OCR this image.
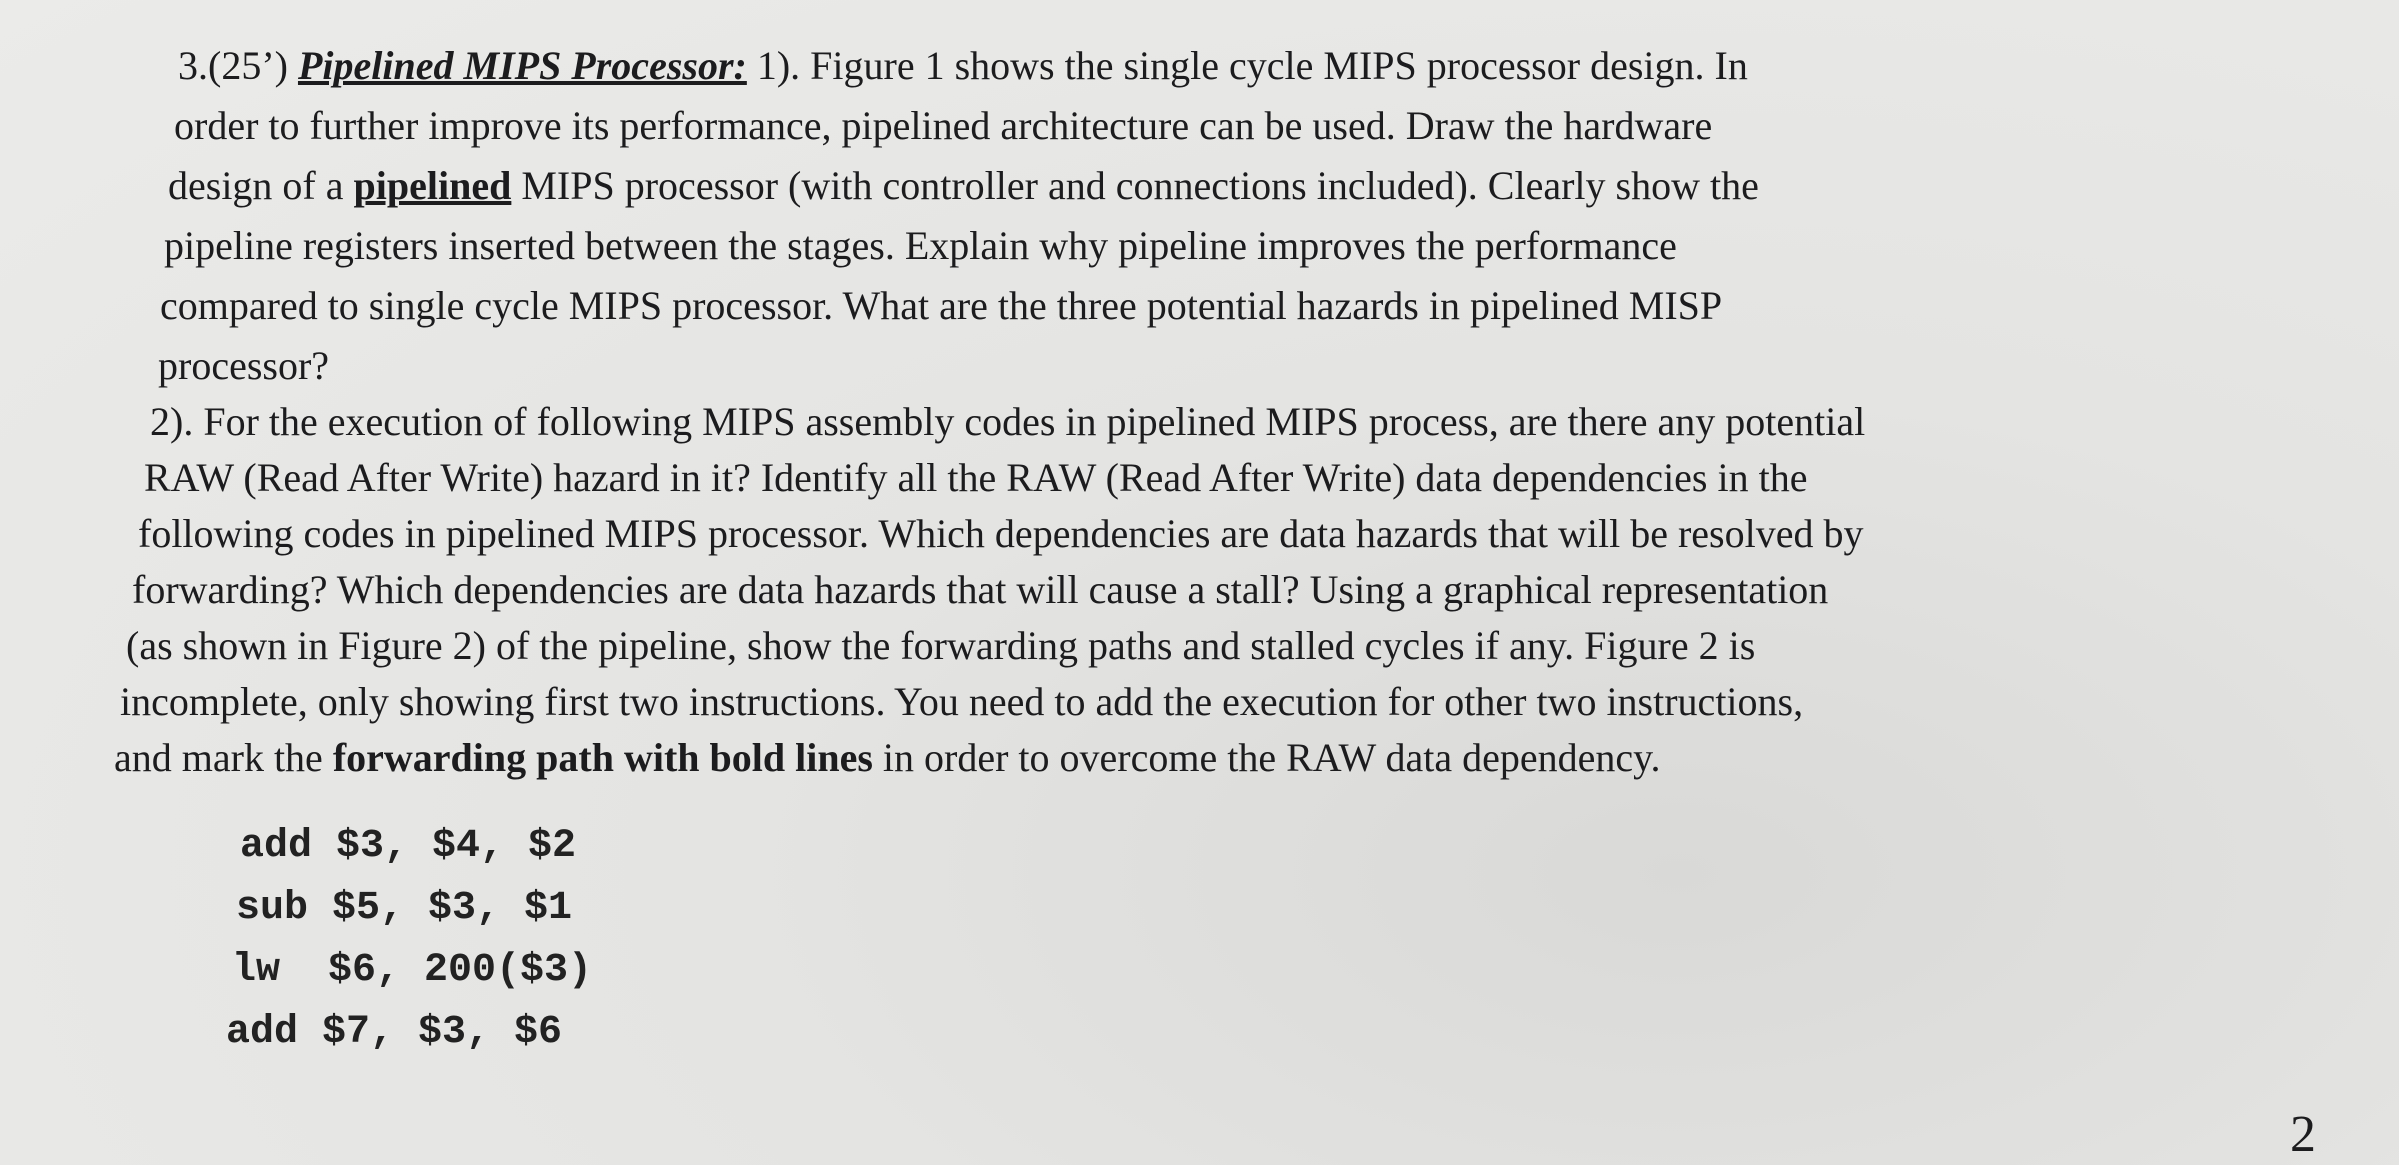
3.(25’) Pipelined MIPS Processor: 1). Figure 1 shows the single cycle MIPS processor design. In
order to further improve its performance, pipelined architecture can be used. Draw the hardware
design of a pipelined MIPS processor (with controller and connections included). Clearly show the
pipeline registers inserted between the stages. Explain why pipeline improves the performance
compared to single cycle MIPS processor. What are the three potential hazards in pipelined MISP
processor?
2). For the execution of following MIPS assembly codes in pipelined MIPS process, are there any potential
RAW (Read After Write) hazard in it? Identify all the RAW (Read After Write) data dependencies in the
following codes in pipelined MIPS processor. Which dependencies are data hazards that will be resolved by
forwarding? Which dependencies are data hazards that will cause a stall? Using a graphical representation
(as shown in Figure 2) of the pipeline, show the forwarding paths and stalled cycles if any. Figure 2 is
incomplete, only showing first two instructions. You need to add the execution for other two instructions,
and mark the forwarding path with bold lines in order to overcome the RAW data dependency.
add $3, $4, $2
sub $5, $3, $1
lw  $6, 200($3)
add $7, $3, $6
2
